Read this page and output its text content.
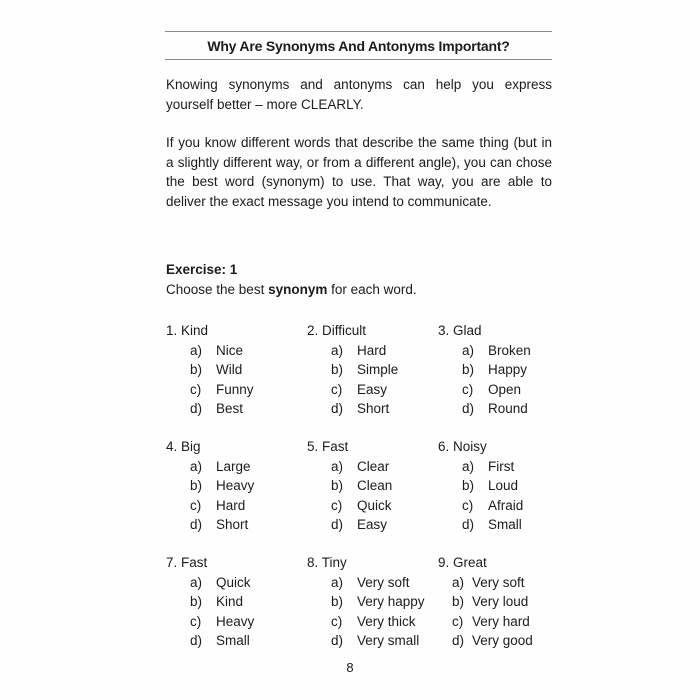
Why Are Synonyms And Antonyms Important?

Knowing synonyms and antonyms can help you express yourself better – more CLEARLY.

If you know different words that describe the same thing (but in a slightly different way, or from a different angle), you can chose the best word (synonym) to use. That way, you are able to deliver the exact message you intend to communicate.

Exercise: 1

Choose the best synonym for each word.

1. Kind

a)	Nice
b)	Wild
c)	Funny
d)	Best

2. Difficult

a)	Hard
b)	Simple
c)	Easy
d)	Short

3. Glad

a)	Broken
b)	Happy
c)	Open
d)	Round

4. Big

a)	Large
b)	Heavy
c)	Hard
d)	Short

5. Fast

a)	Clear
b)	Clean
c)	Quick
d)	Easy

6. Noisy

a)	First
b)	Loud
c)	Afraid
d)	Small

7. Fast

a)	Quick
b)	Kind
c)	Heavy
d)	Small

8. Tiny

a)	Very soft
b)	Very happy
c)	Very thick
d)	Very small

9. Great

a) Very soft
b) Very loud
c) Very hard
d) Very good
8
